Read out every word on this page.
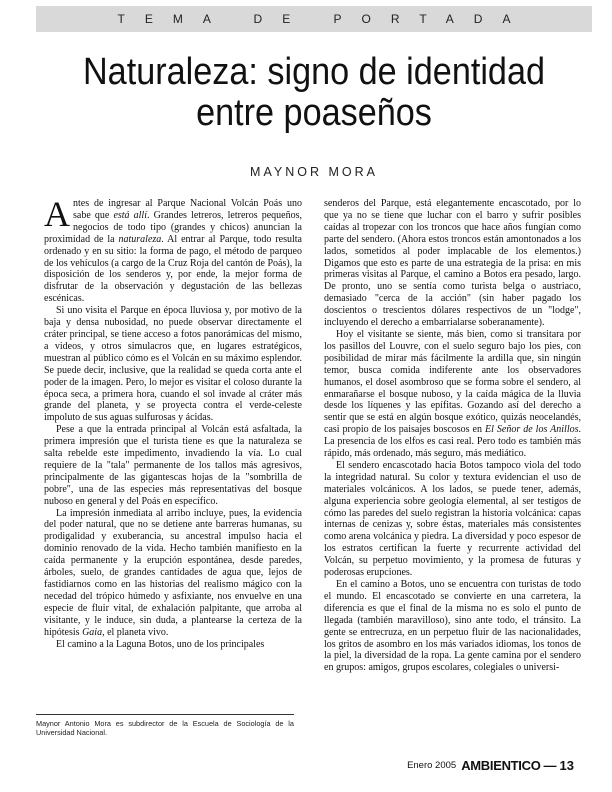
TEMA DE PORTADA
Naturaleza: signo de identidad
entre poaseños
MAYNOR MORA

Antes de ingresar al Parque Nacional Volcán Poás uno sabe que está allí. Grandes letreros, letreros pequeños, negocios de todo tipo (grandes y chicos) anuncian la proximidad de la naturaleza. Al entrar al Parque, todo resulta ordenado y en su sitio: la forma de pago, el método de parqueo de los vehículos (a cargo de la Cruz Roja del cantón de Poás), la disposición de los senderos y, por ende, la mejor forma de disfrutar de la observación y degustación de las bellezas escénicas.

Si uno visita el Parque en época lluviosa y, por motivo de la baja y densa nubosidad, no puede observar directamente el cráter principal, se tiene acceso a fotos panorámicas del mismo, a videos, y otros simulacros que, en lugares estratégicos, muestran al público cómo es el Volcán en su máximo esplendor. Se puede decir, inclusive, que la realidad se queda corta ante el poder de la imagen. Pero, lo mejor es visitar el coloso durante la época seca, a primera hora, cuando el sol invade al cráter más grande del planeta, y se proyecta contra el verde-celeste impoluto de sus aguas sulfurosas y ácidas.

Pese a que la entrada principal al Volcán está asfaltada, la primera impresión que el turista tiene es que la naturaleza se salta rebelde este impedimento, invadiendo la vía. Lo cual requiere de la "tala" permanente de los tallos más agresivos, principalmente de las gigantescas hojas de la "sombrilla de pobre", una de las especies más representativas del bosque nuboso en general y del Poás en específico.

La impresión inmediata al arribo incluye, pues, la evidencia del poder natural, que no se detiene ante barreras humanas, su prodigalidad y exuberancia, su ancestral impulso hacia el dominio renovado de la vida. Hecho también manifiesto en la caída permanente y la erupción espontánea, desde paredes, árboles, suelo, de grandes cantidades de agua que, lejos de fastidiarnos como en las historias del realismo mágico con la necedad del trópico húmedo y asfixiante, nos envuelve en una especie de fluir vital, de exhalación palpitante, que arroba al visitante, y le induce, sin duda, a plantearse la certeza de la hipótesis Gaia, el planeta vivo.

El camino a la Laguna Botos, uno de los principales

senderos del Parque, está elegantemente encascotado, por lo que ya no se tiene que luchar con el barro y sufrir posibles caídas al tropezar con los troncos que hace años fungían como parte del sendero. (Ahora estos troncos están amontonados a los lados, sometidos al poder implacable de los elementos.) Digamos que esto es parte de una estrategia de la prisa: en mis primeras visitas al Parque, el camino a Botos era pesado, largo. De pronto, uno se sentía como turista belga o austriaco, demasiado "cerca de la acción" (sin haber pagado los doscientos o trescientos dólares respectivos de un "lodge", incluyendo el derecho a embarrialarse soberanamente).

Hoy el visitante se siente, más bien, como si transitara por los pasillos del Louvre, con el suelo seguro bajo los pies, con posibilidad de mirar más fácilmente la ardilla que, sin ningún temor, busca comida indiferente ante los observadores humanos, el dosel asombroso que se forma sobre el sendero, al enmarañarse el bosque nuboso, y la caída mágica de la lluvia desde los líquenes y las epífitas. Gozando así del derecho a sentir que se está en algún bosque exótico, quizás neocelandés, casi propio de los paisajes boscosos en El Señor de los Anillos. La presencia de los elfos es casi real. Pero todo es también más rápido, más ordenado, más seguro, más mediático.

El sendero encascotado hacia Botos tampoco viola del todo la integridad natural. Su color y textura evidencian el uso de materiales volcánicos. A los lados, se puede tener, además, alguna experiencia sobre geología elemental, al ser testigos de cómo las paredes del suelo registran la historia volcánica: capas internas de cenizas y, sobre éstas, materiales más consistentes como arena volcánica y piedra. La diversidad y poco espesor de los estratos certifican la fuerte y recurrente actividad del Volcán, su perpetuo movimiento, y la promesa de futuras y poderosas erupciones.

En el camino a Botos, uno se encuentra con turistas de todo el mundo. El encascotado se convierte en una carretera, la diferencia es que el final de la misma no es solo el punto de llegada (también maravilloso), sino ante todo, el tránsito. La gente se entrecruza, en un perpetuo fluir de las nacionalidades, los gritos de asombro en los más variados idiomas, los tonos de la piel, la diversidad de la ropa. La gente camina por el sendero en grupos: amigos, grupos escolares, colegiales o universi-

Maynor Antonio Mora es subdirector de la Escuela de Sociología de la Universidad Nacional.
Enero 2005 AMBIENTICO — 13
